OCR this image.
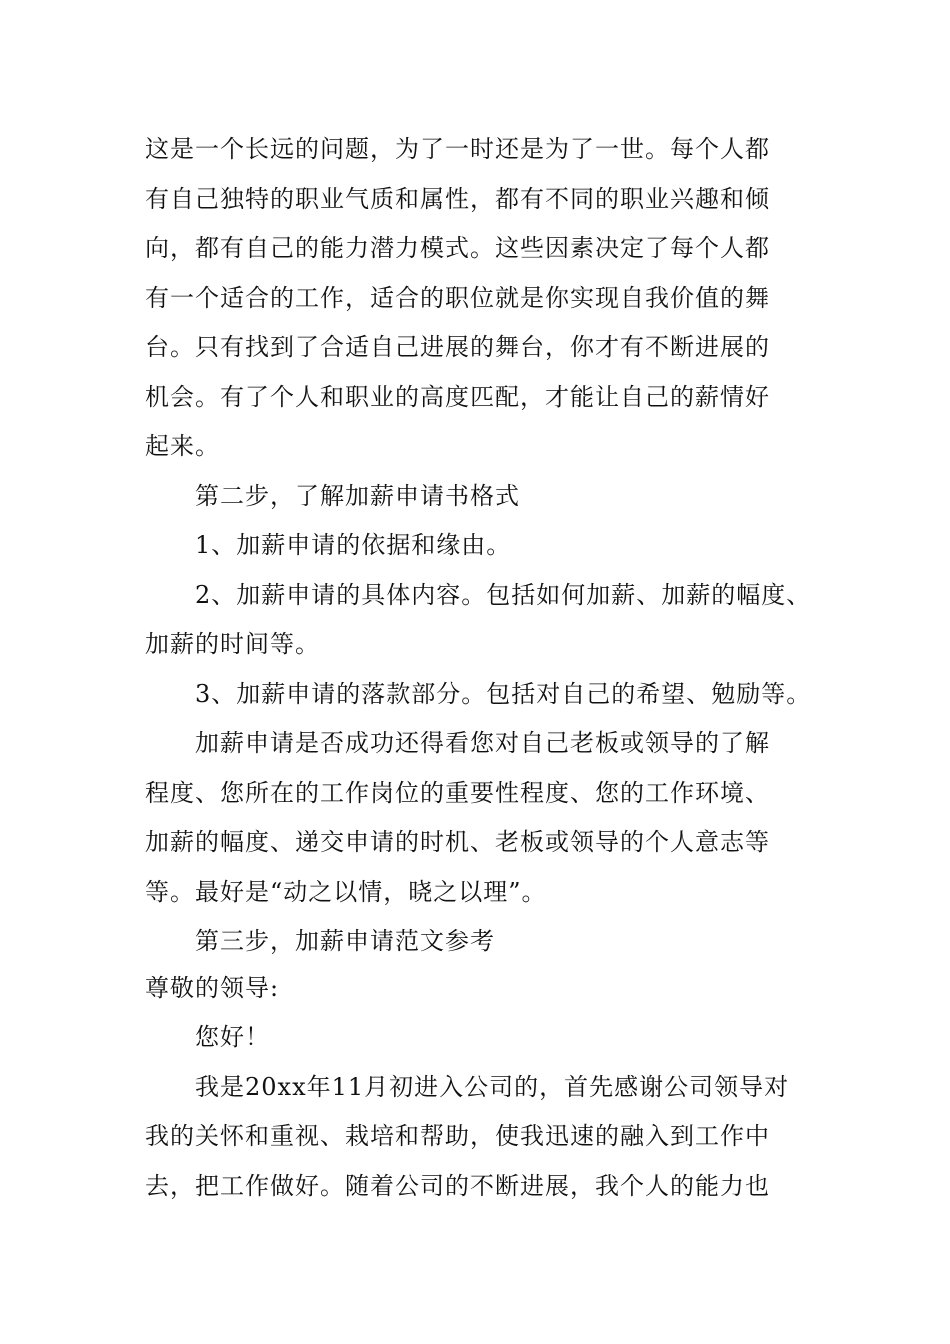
这是一个长远的问题，为了一时还是为了一世。每个人都

有自己独特的职业气质和属性，都有不同的职业兴趣和倾

向，都有自己的能力潜力模式。这些因素决定了每个人都

有一个适合的工作，适合的职位就是你实现自我价值的舞

台。只有找到了合适自己进展的舞台，你才有不断进展的

机会。有了个人和职业的高度匹配，才能让自己的薪情好

起来。

第二步，了解加薪申请书格式

1、加薪申请的依据和缘由。

2、加薪申请的具体内容。包括如何加薪、加薪的幅度、

加薪的时间等。

3、加薪申请的落款部分。包括对自己的希望、勉励等。

加薪申请是否成功还得看您对自己老板或领导的了解

程度、您所在的工作岗位的重要性程度、您的工作环境、

加薪的幅度、递交申请的时机、老板或领导的个人意志等

等。最好是“动之以情，晓之以理”。

第三步，加薪申请范文参考

尊敬的领导:

您好！

我是20xx年11月初进入公司的，首先感谢公司领导对

我的关怀和重视、栽培和帮助，使我迅速的融入到工作中

去，把工作做好。随着公司的不断进展，我个人的能力也
